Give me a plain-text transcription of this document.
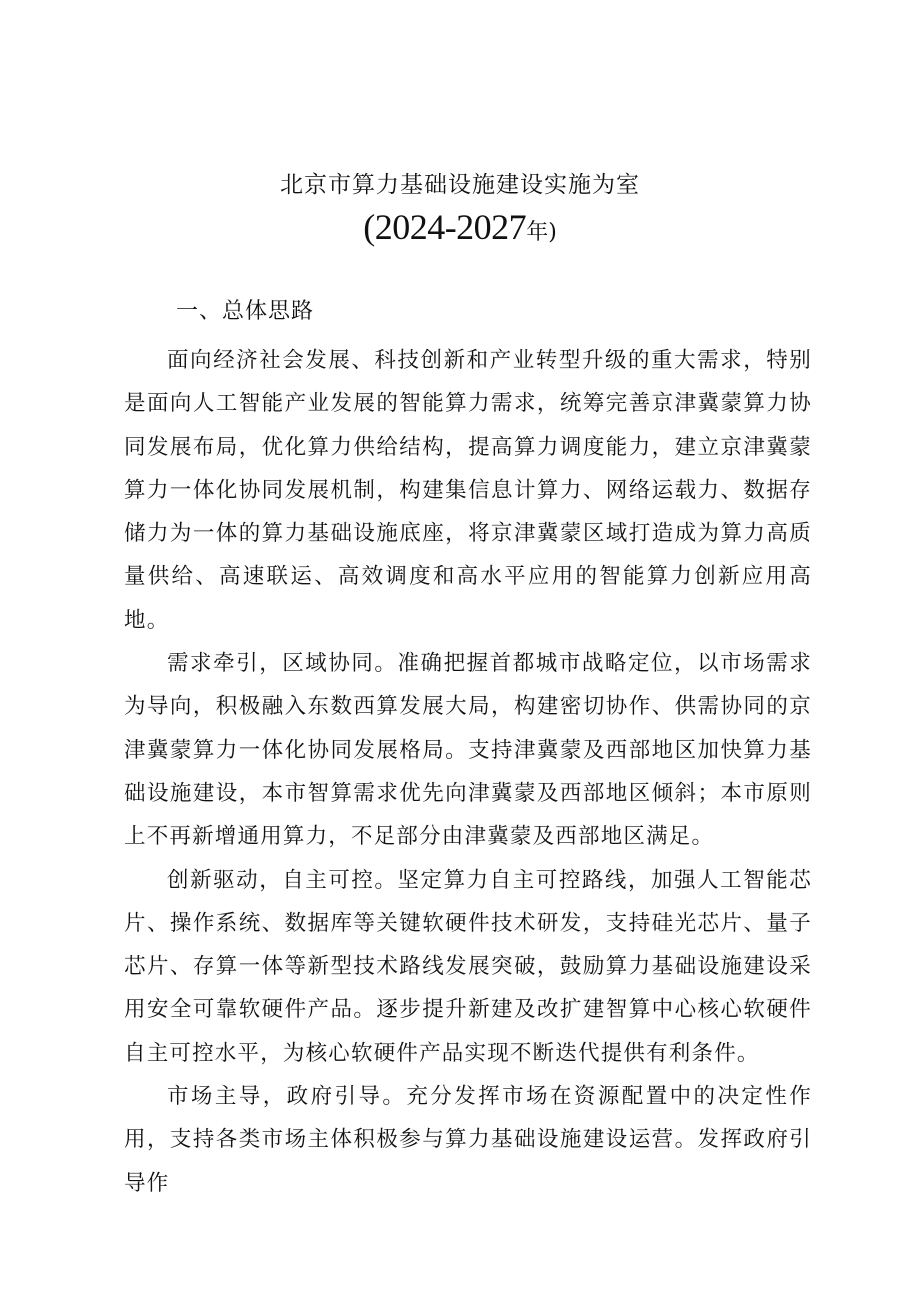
北京市算力基础设施建设实施为室
(2024-2027年)
一、总体思路

面向经济社会发展、科技创新和产业转型升级的重大需求，特别是面向人工智能产业发展的智能算力需求，统筹完善京津冀蒙算力协同发展布局，优化算力供给结构，提高算力调度能力，建立京津冀蒙算力一体化协同发展机制，构建集信息计算力、网络运载力、数据存储力为一体的算力基础设施底座，将京津冀蒙区域打造成为算力高质量供给、高速联运、高效调度和高水平应用的智能算力创新应用高地。

需求牵引，区域协同。准确把握首都城市战略定位，以市场需求为导向，积极融入东数西算发展大局，构建密切协作、供需协同的京津冀蒙算力一体化协同发展格局。支持津冀蒙及西部地区加快算力基础设施建设，本市智算需求优先向津冀蒙及西部地区倾斜；本市原则上不再新增通用算力，不足部分由津冀蒙及西部地区满足。

创新驱动，自主可控。坚定算力自主可控路线，加强人工智能芯片、操作系统、数据库等关键软硬件技术研发，支持硅光芯片、量子芯片、存算一体等新型技术路线发展突破，鼓励算力基础设施建设采用安全可靠软硬件产品。逐步提升新建及改扩建智算中心核心软硬件自主可控水平，为核心软硬件产品实现不断迭代提供有利条件。

市场主导，政府引导。充分发挥市场在资源配置中的决定性作用，支持各类市场主体积极参与算力基础设施建设运营。发挥政府引导作
